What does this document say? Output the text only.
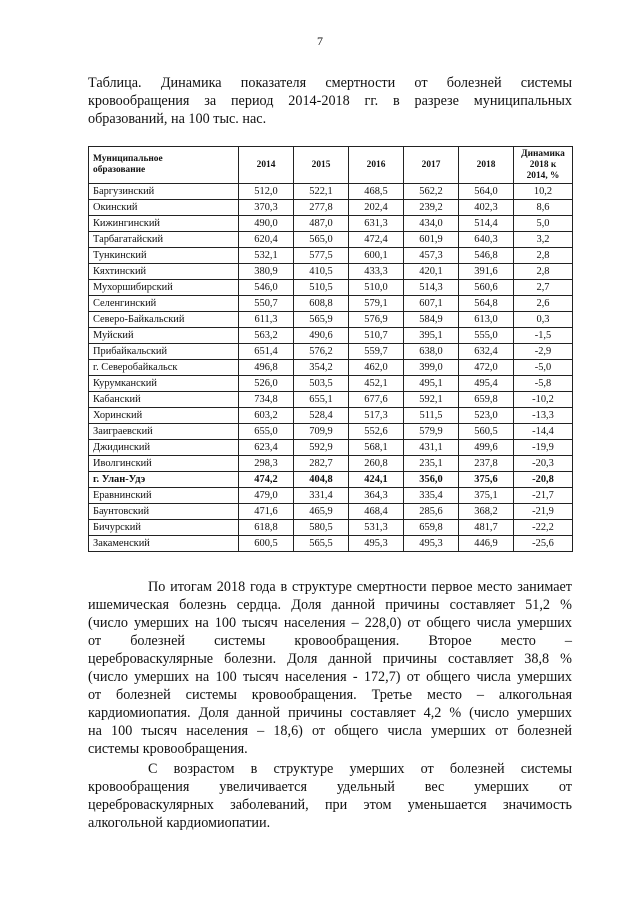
7
Таблица. Динамика показателя смертности от болезней системы
кровообращения за период 2014-2018 гг. в разрезе муниципальных
образований, на 100 тыс. нас.
Муниципальное
образование	2014	2015	2016	2017	2018	Динамика
2018 к
2014, %
Баргузинский	512,0	522,1	468,5	562,2	564,0	10,2
Окинский	370,3	277,8	202,4	239,2	402,3	8,6
Кижингинский	490,0	487,0	631,3	434,0	514,4	5,0
Тарбагатайский	620,4	565,0	472,4	601,9	640,3	3,2
Тункинский	532,1	577,5	600,1	457,3	546,8	2,8
Кяхтинский	380,9	410,5	433,3	420,1	391,6	2,8
Мухоршибирский	546,0	510,5	510,0	514,3	560,6	2,7
Селенгинский	550,7	608,8	579,1	607,1	564,8	2,6
Северо-Байкальский	611,3	565,9	576,9	584,9	613,0	0,3
Муйский	563,2	490,6	510,7	395,1	555,0	-1,5
Прибайкальский	651,4	576,2	559,7	638,0	632,4	-2,9
г. Северобайкальск	496,8	354,2	462,0	399,0	472,0	-5,0
Курумканский	526,0	503,5	452,1	495,1	495,4	-5,8
Кабанский	734,8	655,1	677,6	592,1	659,8	-10,2
Хоринский	603,2	528,4	517,3	511,5	523,0	-13,3
Заиграевский	655,0	709,9	552,6	579,9	560,5	-14,4
Джидинский	623,4	592,9	568,1	431,1	499,6	-19,9
Иволгинский	298,3	282,7	260,8	235,1	237,8	-20,3
г. Улан-Удэ	474,2	404,8	424,1	356,0	375,6	-20,8
Еравнинский	479,0	331,4	364,3	335,4	375,1	-21,7
Баунтовский	471,6	465,9	468,4	285,6	368,2	-21,9
Бичурский	618,8	580,5	531,3	659,8	481,7	-22,2
Закаменский	600,5	565,5	495,3	495,3	446,9	-25,6
По итогам 2018 года в структуре смертности первое место занимает
ишемическая болезнь сердца. Доля данной причины составляет 51,2 %
(число умерших на 100 тысяч населения – 228,0) от общего числа умерших
от болезней системы кровообращения. Второе место –
цереброваскулярные болезни. Доля данной причины составляет 38,8 %
(число умерших на 100 тысяч населения - 172,7) от общего числа умерших
от болезней системы кровообращения. Третье место – алкогольная
кардиомиопатия. Доля данной причины составляет 4,2 % (число умерших
на 100 тысяч населения – 18,6) от общего числа умерших от болезней
системы кровообращения.
С возрастом в структуре умерших от болезней системы
кровообращения увеличивается удельный вес умерших от
цереброваскулярных заболеваний, при этом уменьшается значимость
алкогольной кардиомиопатии.
